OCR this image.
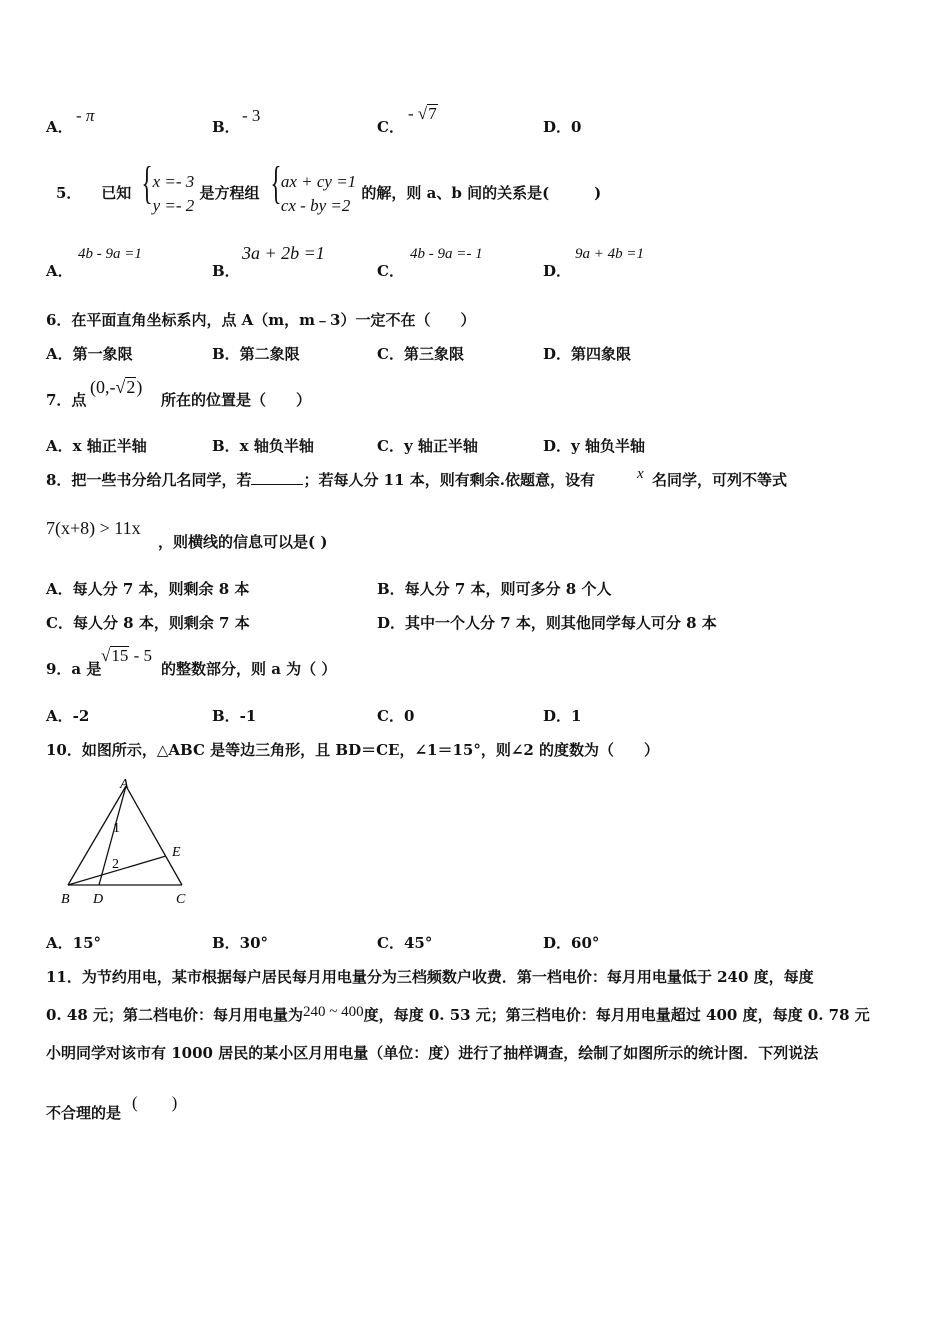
A．
- π
B．
- 3
C．
- √7
D．0
5． 已知 { x =- 3
y =- 2
是方程组 { ax + cy =1
cx - by =2
的解，则 a、b 间的关系是(　　　)
A．
4b - 9a =1
B．
3a + 2b =1
C．
4b - 9a =- 1
D．
9a + 4b =1
6．在平面直角坐标系内，点 A（m，m﹣3）一定不在（　　）
A．第一象限	B．第二象限	C．第三象限	D．第四象限
7．点
(0,-√2)
所在的位置是（　　）
A．x 轴正半轴	B．x 轴负半轴	C．y 轴正半轴	D．y 轴负半轴
8．把一些书分给几名同学，若	；若每人分 11 本，则有剩余.依题意，设有	x 名同学，可列不等式
7(x+8) > 11x
，则横线的信息可以是( )
A．每人分 7 本，则剩余 8 本	B．每人分 7 本，则可多分 8 个人
C．每人分 8 本，则剩余 7 本	D．其中一个人分 7 本，则其他同学每人可分 8 本
9．a 是
√15 - 5
的整数部分，则 a 为（ ）
A．-2	B．-1	C．0	D．1
10．如图所示，△ABC 是等边三角形，且 BD＝CE，∠1＝15°，则∠2 的度数为（　　）
A
B D	C
E
1
2
A．15°	B．30°	C．45°	D．60°
11．为节约用电，某市根据每户居民每月用电量分为三档频数户收费．第一档电价：每月用电量低于 240 度，每度
0. 48 元；第二档电价：每月用电量为240 ~ 400度，每度 0. 53 元；第三档电价：每月用电量超过 400 度，每度 0. 78 元
小明同学对该市有 1000 居民的某小区月用电量（单位：度）进行了抽样调查，绘制了如图所示的统计图．下列说法
不合理的是
(　　)
